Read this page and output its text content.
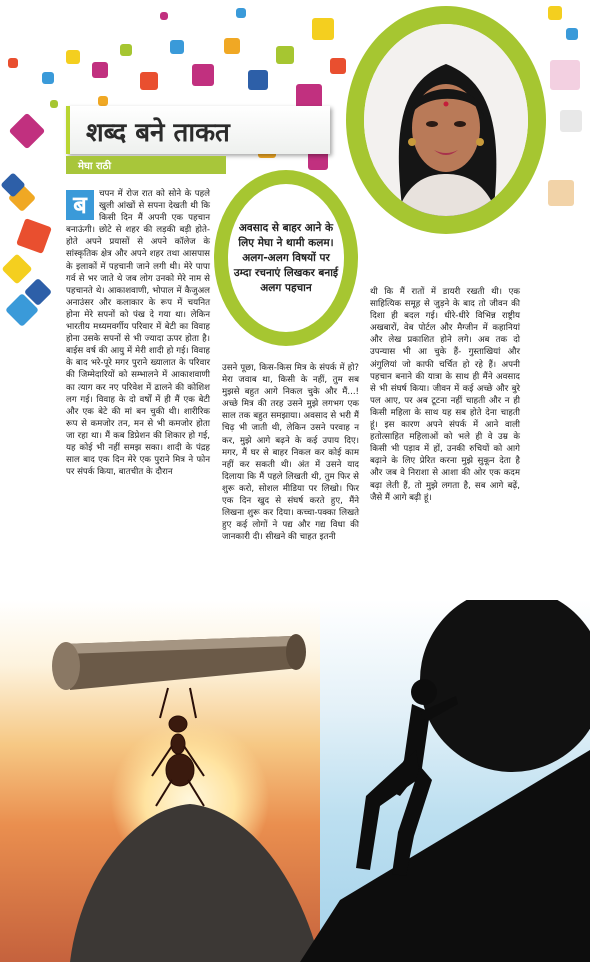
शब्द बने ताकत
मेघा राठी
अवसाद से बाहर आने के लिए मेघा ने थामी कलम। अलग-अलग विषयों पर उम्दा रचनाएं लिखकर बनाई अलग पहचान
ब	चपन में रोज रात को सोने के पहले खुली आंखों से सपना देखती थी कि किसी दिन मैं अपनी एक पहचान बनाऊंगी। छोटे से शहर की लड़की बड़ी होते-होते अपने प्रयासों से अपने कॉलेज के सांस्कृतिक क्षेत्र और अपने शहर तथा आसपास के इलाकों में पहचानी जाने लगी थी। मेरे पापा गर्व से भर जाते थे जब लोग उनको मेरे नाम से पहचानते थे। आकाशवाणी, भोपाल में कैजुअल अनाउंसर और कलाकार के रूप में चयनित होना मेरे सपनों को पंख दे गया था। लेकिन भारतीय मध्यमवर्गीय परिवार में बेटी का विवाह होना उसके सपनों से भी ज्यादा ऊपर होता है। बाईस वर्ष की आयु में मेरी शादी हो गई। विवाह के बाद भरे-पूरे मगर पुराने ख्यालात के परिवार की जिम्मेदारियों को सम्भालने में आकाशवाणी का त्याग कर नए परिवेश में ढालने की कोशिश लग गई। विवाह के दो वर्षों में ही मैं एक बेटी और एक बेटे की मां बन चुकी थी। शारीरिक रूप से कमजोर तन, मन से भी कमजोर होता जा रहा था। मैं कब डिप्रेशन की शिकार हो गई, यह कोई भी नहीं समझ सका। शादी के पंद्रह साल बाद एक दिन मेरे एक पुराने मित्र ने फोन पर संपर्क किया, बातचीत के दौरान
उसने पूछा, किस-किस मित्र के संपर्क में हो? मेरा जवाब था, किसी के नहीं, तुम सब मुझसे बहुत आगे निकल चुके और मैं...! अच्छे मित्र की तरह उसने मुझे लगभग एक साल तक बहुत समझाया। अवसाद से भरी मैं चिढ़ भी जाती थी, लेकिन उसने परवाह न कर, मुझे आगे बढ़ने के कई उपाय दिए। मगर, मैं घर से बाहर निकल कर कोई काम नहीं कर सकती थी। अंत में उसने याद दिलाया कि मैं पहले लिखती थी, तुम फिर से शुरू करो, सोशल मीडिया पर लिखो। फिर एक दिन खुद से संघर्ष करते हुए, मैंने लिखना शुरू कर दिया। कच्चा-पक्का लिखते हुए कई लोगों ने पद्य और गद्य विधा की जानकारी दी। सीखने की चाहत इतनी
थी कि मैं रातों में डायरी रखती थी। एक साहित्यिक समूह से जुड़ने के बाद तो जीवन की दिशा ही बदल गई। धीरे-धीरे विभिन्न राष्ट्रीय अखबारों, वेब पोर्टल और मैग्जीन में कहानियां और लेख प्रकाशित होने लगे। अब तक दो उपन्यास भी आ चुके हैं- गुस्ताखियां और अंगुलियां जो काफी चर्चित हो रहे हैं। अपनी पहचान बनाने की यात्रा के साथ ही मैंने अवसाद से भी संघर्ष किया। जीवन में कई अच्छे और बुरे पल आए, पर अब टूटना नहीं चाहती और न ही किसी महिला के साथ यह सब होते देना चाहती हूं। इस कारण अपने संपर्क में आने वाली हतोत्साहित महिलाओं को भले ही वे उम्र के किसी भी पड़ाव में हों, उनकी रुचियों को आगे बढ़ाने के लिए प्रेरित करना मुझे सुकून देता है और जब वे निराशा से आशा की ओर एक कदम बढ़ा लेती हैं, तो मुझे लगता है, सब आगे बढ़ें, जैसे मैं आगे बढ़ी हूं।
